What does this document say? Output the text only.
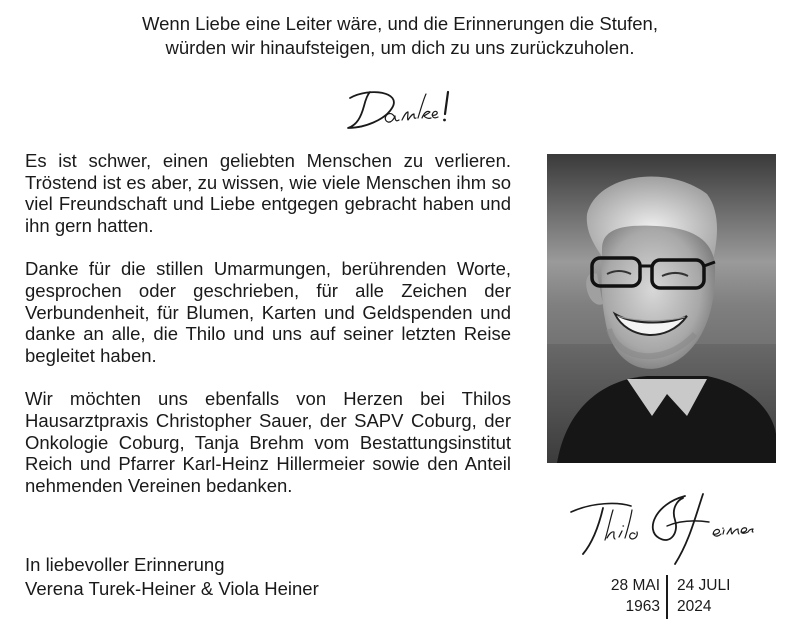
Wenn Liebe eine Leiter wäre, und die Erinnerungen die Stufen,
würden wir hinaufsteigen, um dich zu uns zurückzuholen.

Es ist schwer, einen geliebten Menschen zu verlieren. Tröstend ist es aber, zu wissen, wie viele Menschen ihm so viel Freundschaft und Liebe entgegen gebracht haben und ihn gern hatten.

Danke für die stillen Umarmungen, berührenden Worte, gesprochen oder geschrieben, für alle Zeichen der Verbundenheit, für Blumen, Karten und Geldspenden und danke an alle, die Thilo und uns auf seiner letzten Reise begleitet haben.

Wir möchten uns ebenfalls von Herzen bei Thilos Hausarztpraxis Christopher Sauer, der SAPV Coburg, der Onkologie Coburg, Tanja Brehm vom Bestattungsinstitut Reich und Pfarrer Karl-Heinz Hillermeier sowie den Anteil nehmenden Vereinen bedanken.

In liebevoller Erinnerung
Verena Turek-Heiner & Viola Heiner	28 MAI
1963
24 JULI
2024
